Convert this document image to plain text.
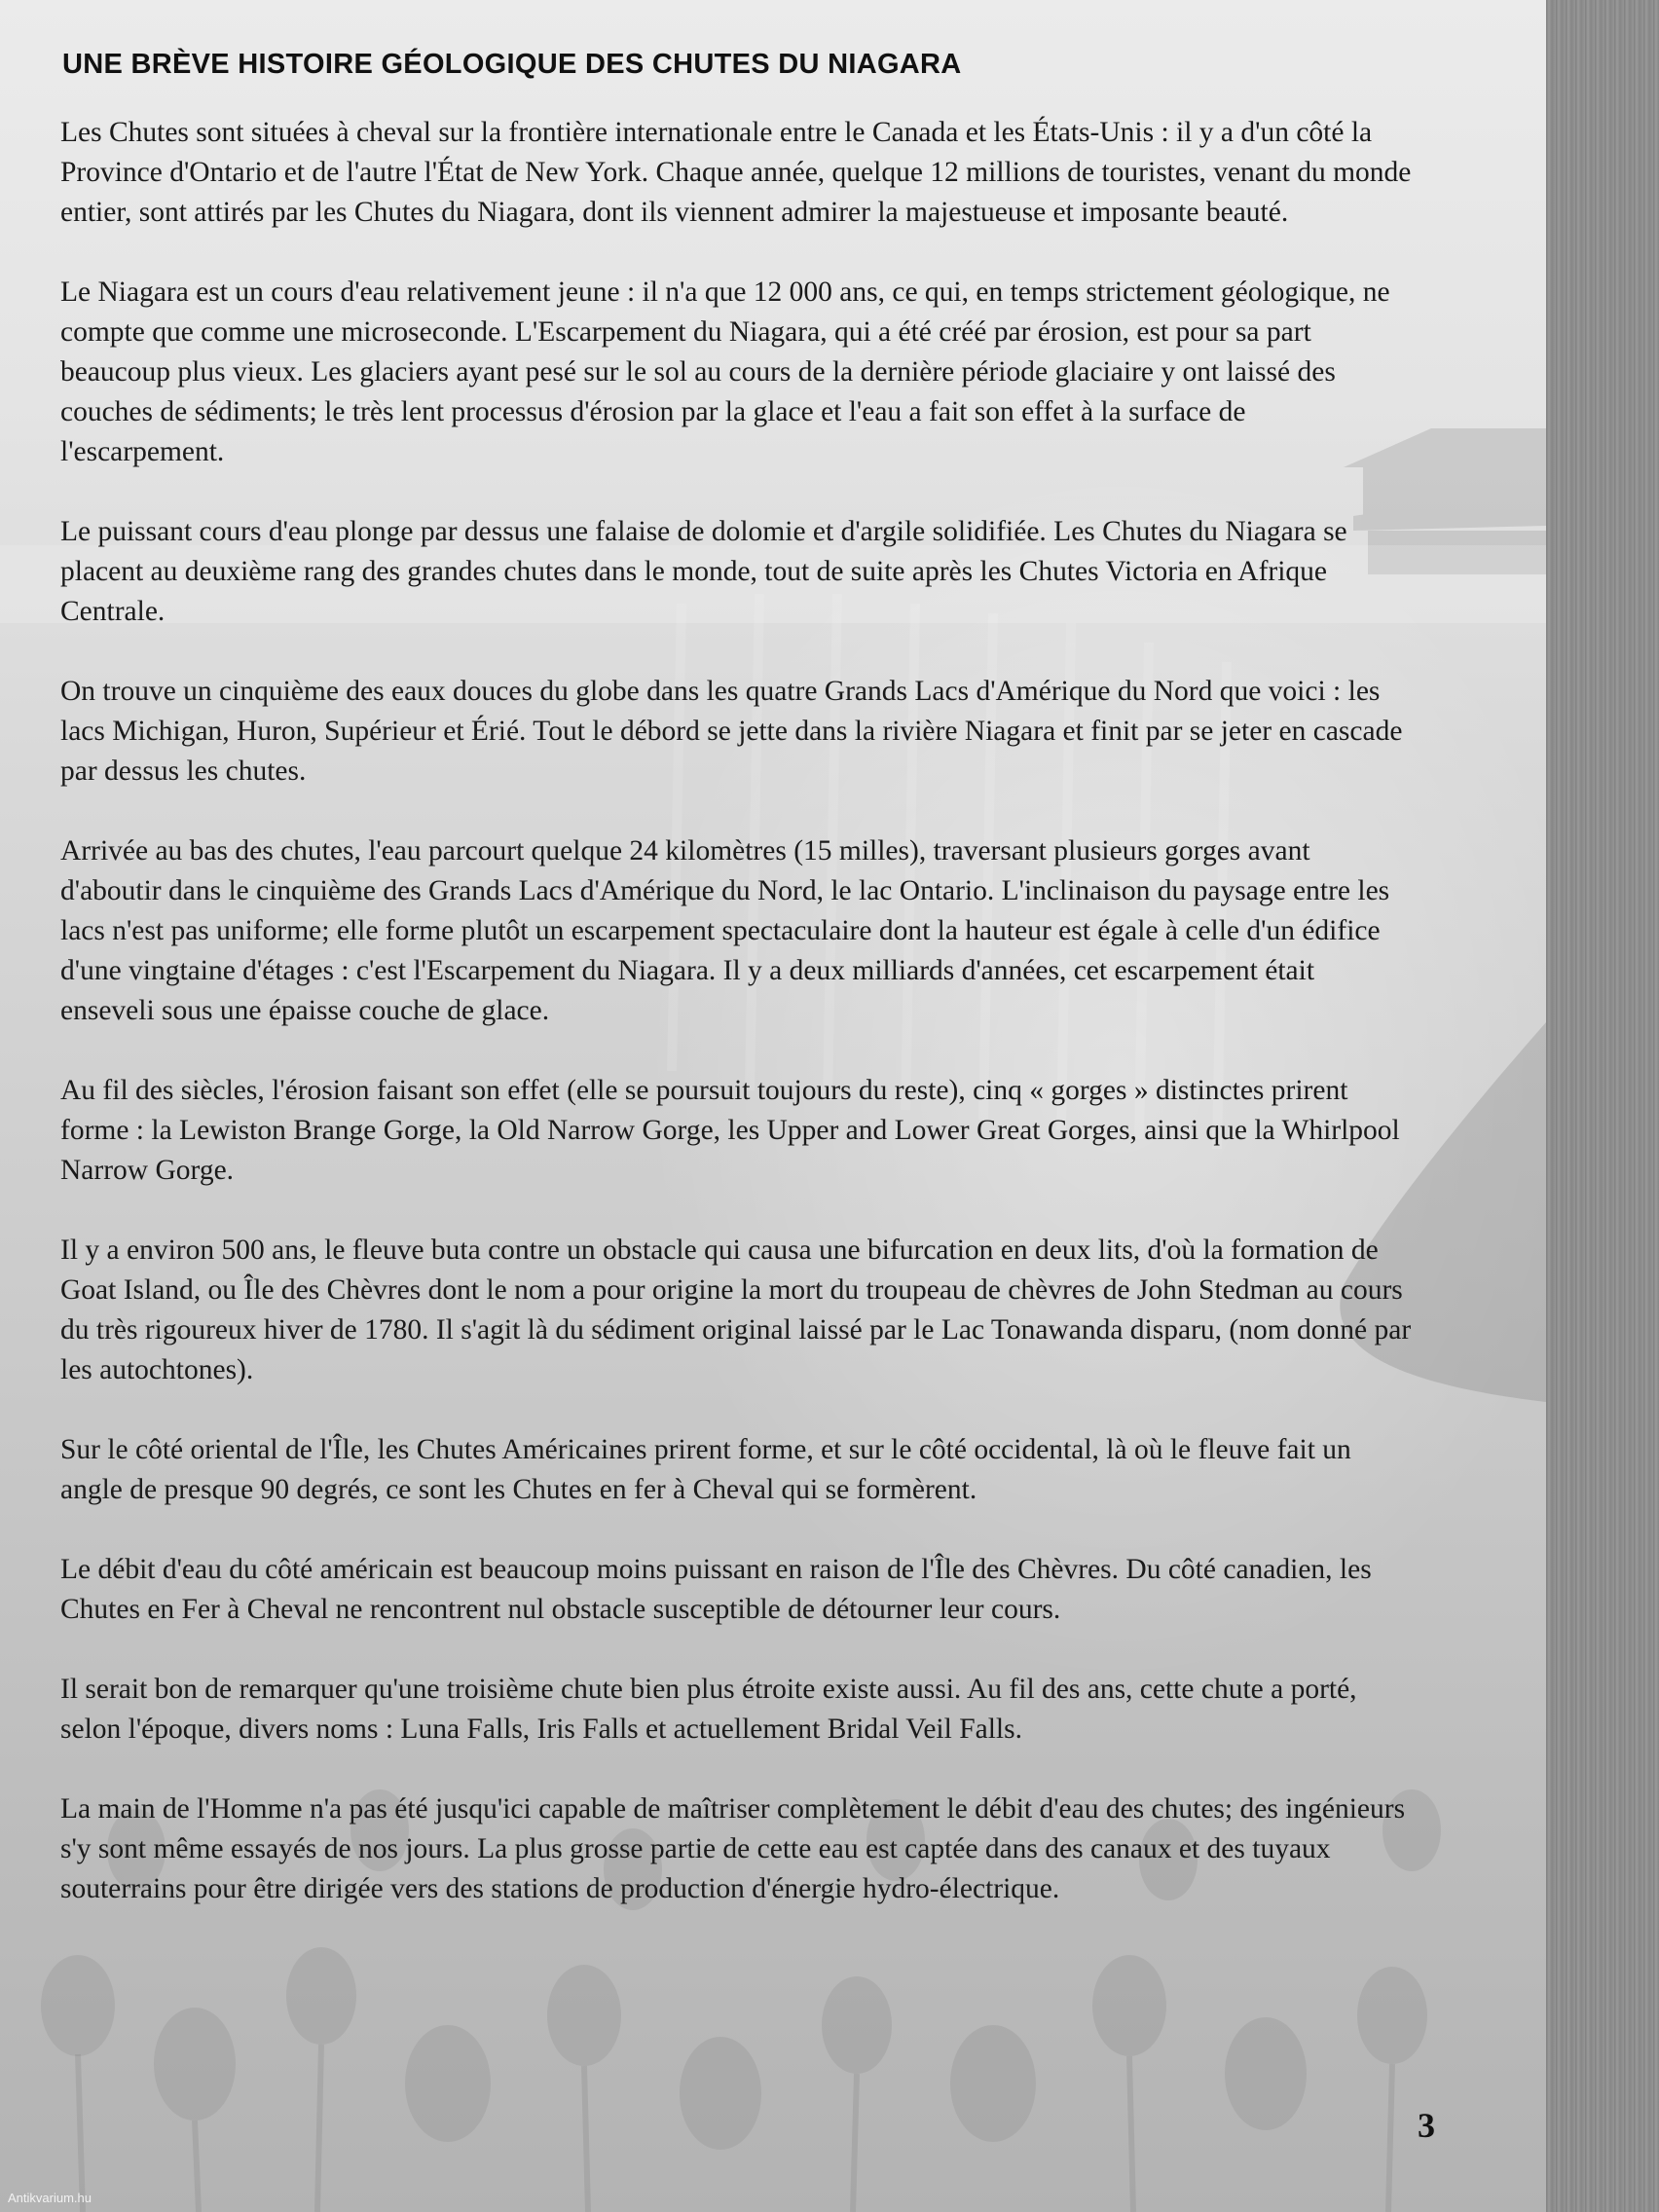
UNE BRÈVE HISTOIRE GÉOLOGIQUE DES CHUTES DU NIAGARA

Les Chutes sont situées à cheval sur la frontière internationale entre le Canada et les États-Unis : il y a d'un côté la Province d'Ontario et de l'autre l'État de New York. Chaque année, quelque 12 millions de touristes, venant du monde entier, sont attirés par les Chutes du Niagara, dont ils viennent admirer la majestueuse et imposante beauté.

Le Niagara est un cours d'eau relativement jeune : il n'a que 12 000 ans, ce qui, en temps strictement géologique, ne compte que comme une microseconde. L'Escarpement du Niagara, qui a été créé par érosion, est pour sa part beaucoup plus vieux. Les glaciers ayant pesé sur le sol au cours de la dernière période glaciaire y ont laissé des couches de sédiments; le très lent processus d'érosion par la glace et l'eau a fait son effet à la surface de l'escarpement.

Le puissant cours d'eau plonge par dessus une falaise de dolomie et d'argile solidifiée. Les Chutes du Niagara se placent au deuxième rang des grandes chutes dans le monde, tout de suite après les Chutes Victoria en Afrique Centrale.

On trouve un cinquième des eaux douces du globe dans les quatre Grands Lacs d'Amérique du Nord que voici : les lacs Michigan, Huron, Supérieur et Érié. Tout le débord se jette dans la rivière Niagara et finit par se jeter en cascade par dessus les chutes.

Arrivée au bas des chutes, l'eau parcourt quelque 24 kilomètres (15 milles), traversant plusieurs gorges avant d'aboutir dans le cinquième des Grands Lacs d'Amérique du Nord, le lac Ontario. L'inclinaison du paysage entre les lacs n'est pas uniforme; elle forme plutôt un escarpement spectaculaire dont la hauteur est égale à celle d'un édifice d'une vingtaine d'étages : c'est l'Escarpement du Niagara. Il y a deux milliards d'années, cet escarpement était enseveli sous une épaisse couche de glace.

Au fil des siècles, l'érosion faisant son effet (elle se poursuit toujours du reste), cinq « gorges » distinctes prirent forme : la Lewiston Brange Gorge, la Old Narrow Gorge, les Upper and Lower Great Gorges, ainsi que la Whirlpool Narrow Gorge.

Il y a environ 500 ans, le fleuve buta contre un obstacle qui causa une bifurcation en deux lits, d'où la formation de Goat Island, ou Île des Chèvres dont le nom a pour origine la mort du troupeau de chèvres de John Stedman au cours du très rigoureux hiver de 1780. Il s'agit là du sédiment original laissé par le Lac Tonawanda disparu, (nom donné par les autochtones).

Sur le côté oriental de l'Île, les Chutes Américaines prirent forme, et sur le côté occidental, là où le fleuve fait un angle de presque 90 degrés, ce sont les Chutes en fer à Cheval qui se formèrent.

Le débit d'eau du côté américain est beaucoup moins puissant en raison de l'Île des Chèvres. Du côté canadien, les Chutes en Fer à Cheval ne rencontrent nul obstacle susceptible de détourner leur cours.

Il serait bon de remarquer qu'une troisième chute bien plus étroite existe aussi. Au fil des ans, cette chute a porté, selon l'époque, divers noms : Luna Falls, Iris Falls et actuellement Bridal Veil Falls.

La main de l'Homme n'a pas été jusqu'ici capable de maîtriser complètement le débit d'eau des chutes; des ingénieurs s'y sont même essayés de nos jours. La plus grosse partie de cette eau est captée dans des canaux et des tuyaux souterrains pour être dirigée vers des stations de production d'énergie hydro-électrique.

3
Antikvarium.hu
